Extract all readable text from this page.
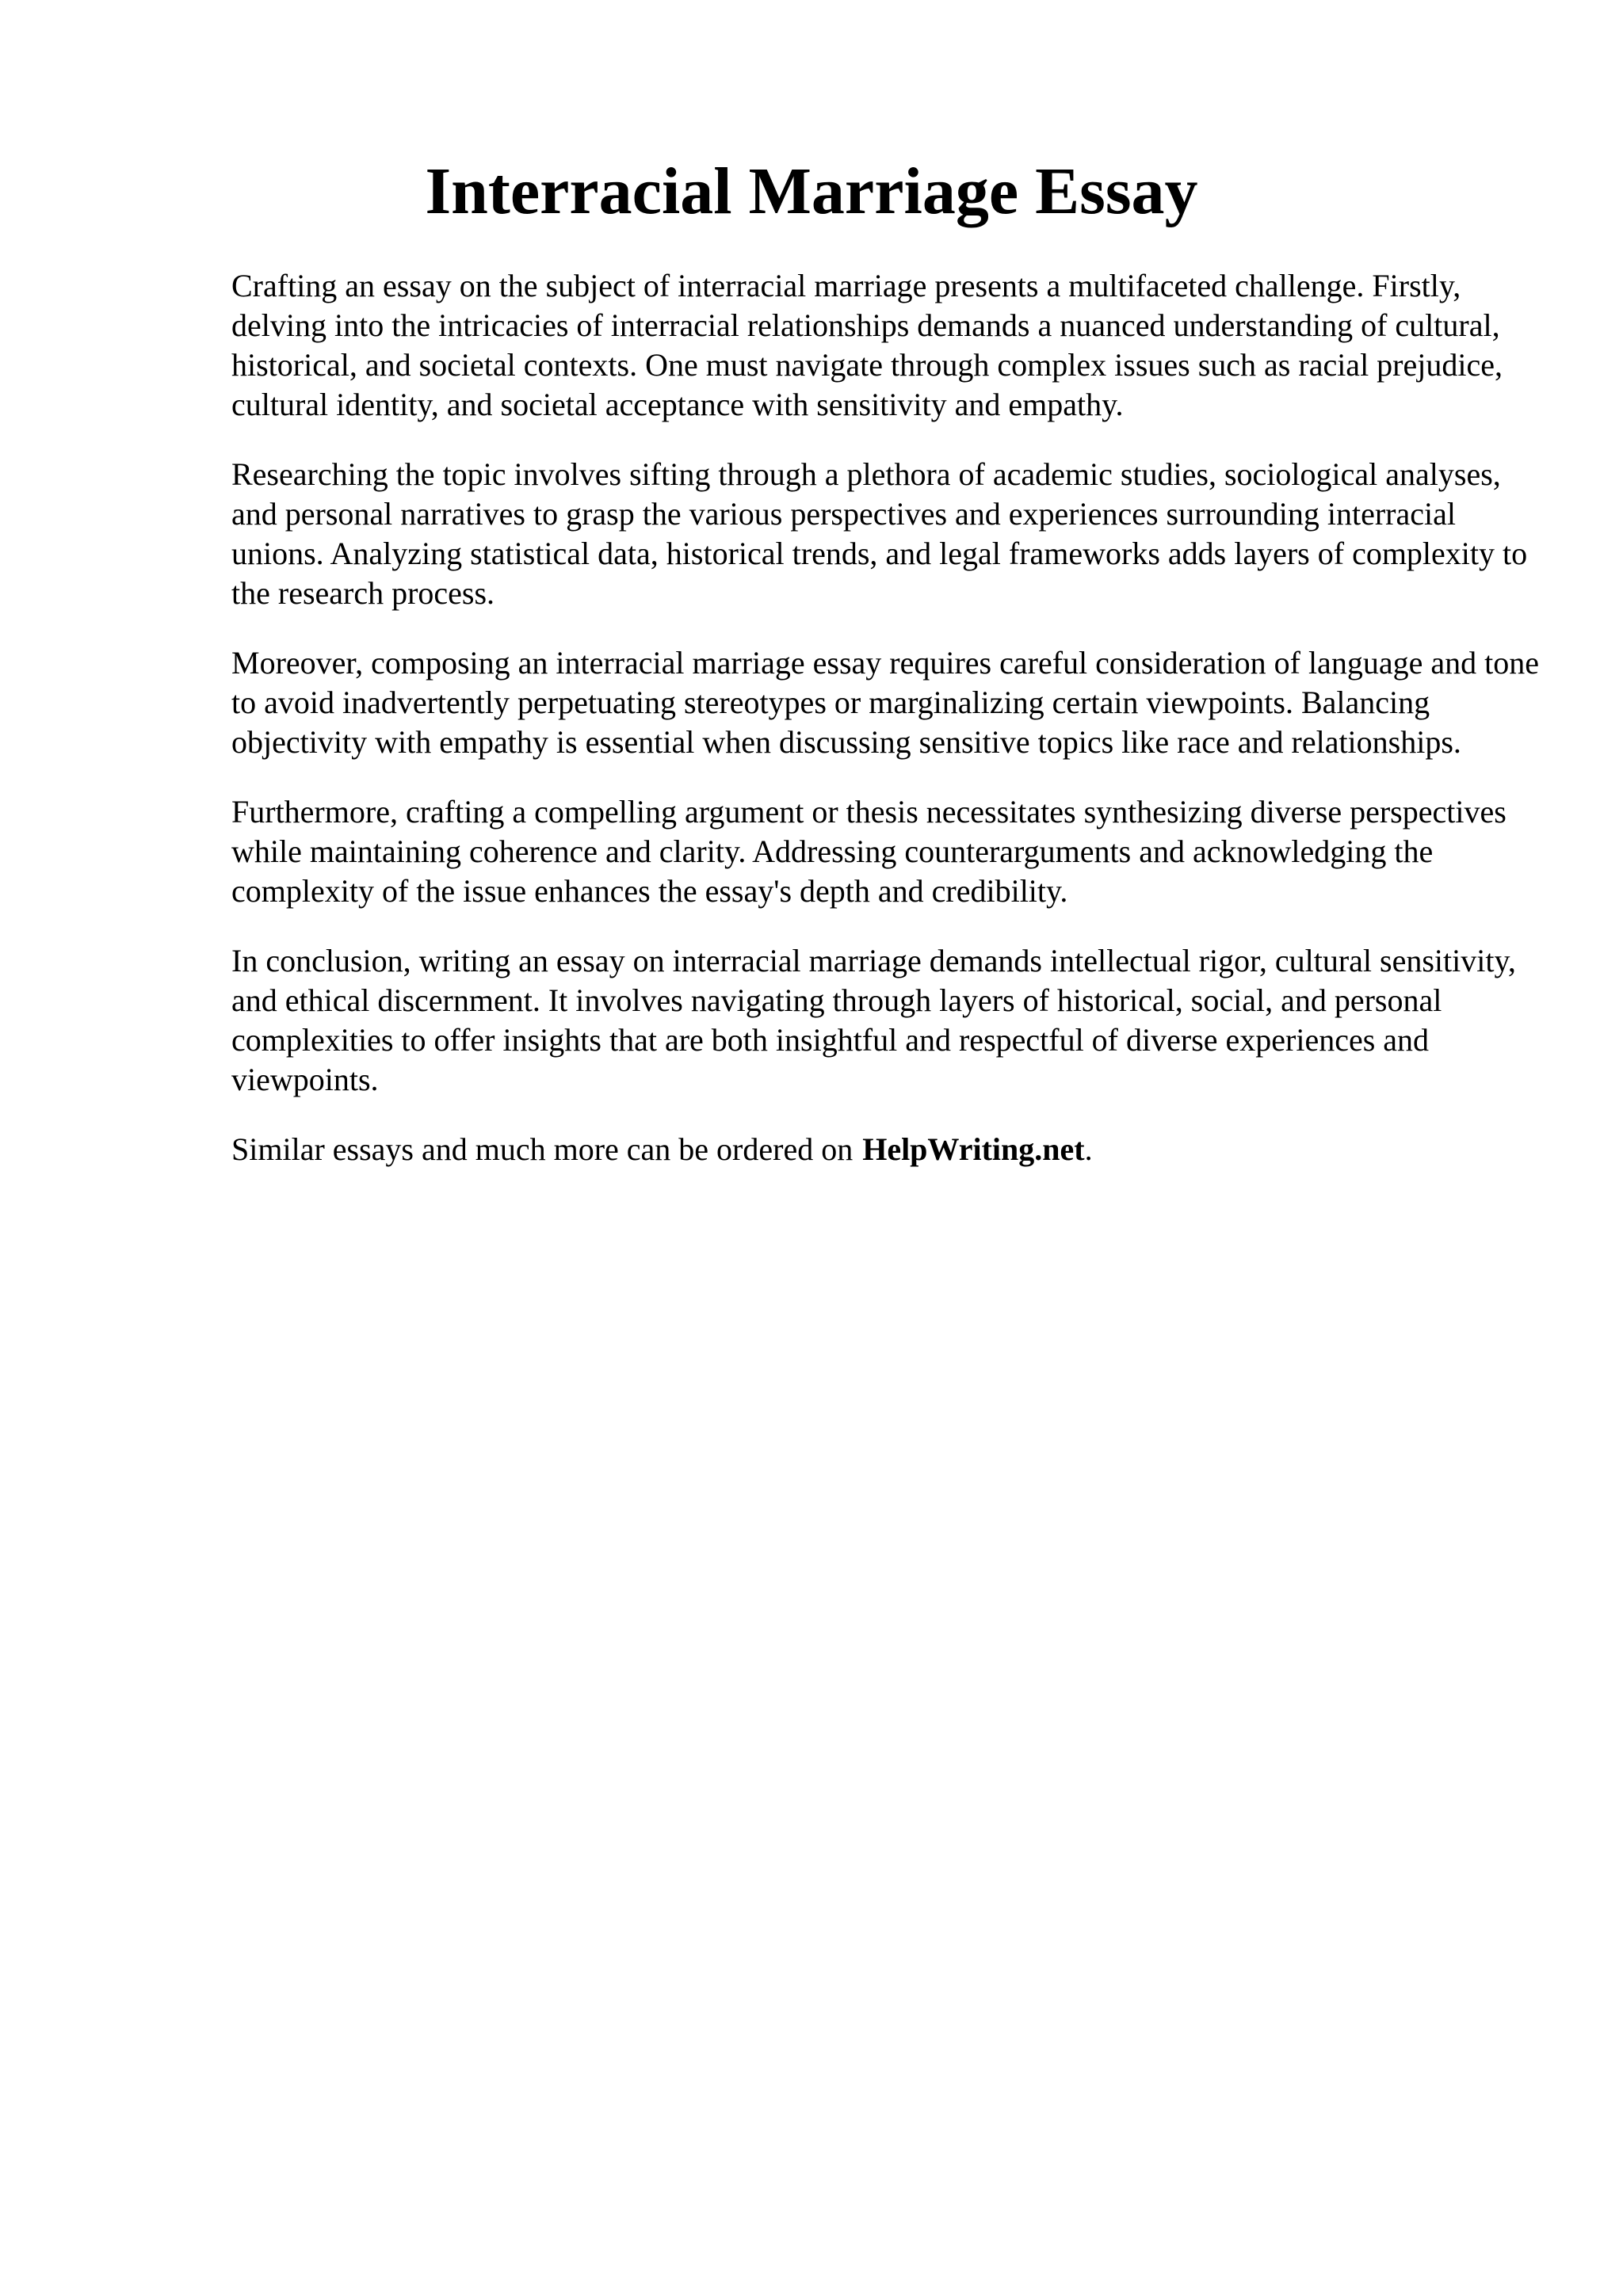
Interracial Marriage Essay

Crafting an essay on the subject of interracial marriage presents a multifaceted challenge. Firstly, delving into the intricacies of interracial relationships demands a nuanced understanding of cultural, historical, and societal contexts. One must navigate through complex issues such as racial prejudice, cultural identity, and societal acceptance with sensitivity and empathy.

Researching the topic involves sifting through a plethora of academic studies, sociological analyses, and personal narratives to grasp the various perspectives and experiences surrounding interracial unions. Analyzing statistical data, historical trends, and legal frameworks adds layers of complexity to the research process.

Moreover, composing an interracial marriage essay requires careful consideration of language and tone to avoid inadvertently perpetuating stereotypes or marginalizing certain viewpoints. Balancing objectivity with empathy is essential when discussing sensitive topics like race and relationships.

Furthermore, crafting a compelling argument or thesis necessitates synthesizing diverse perspectives while maintaining coherence and clarity. Addressing counterarguments and acknowledging the complexity of the issue enhances the essay's depth and credibility.

In conclusion, writing an essay on interracial marriage demands intellectual rigor, cultural sensitivity, and ethical discernment. It involves navigating through layers of historical, social, and personal complexities to offer insights that are both insightful and respectful of diverse experiences and viewpoints.

Similar essays and much more can be ordered on HelpWriting.net.
